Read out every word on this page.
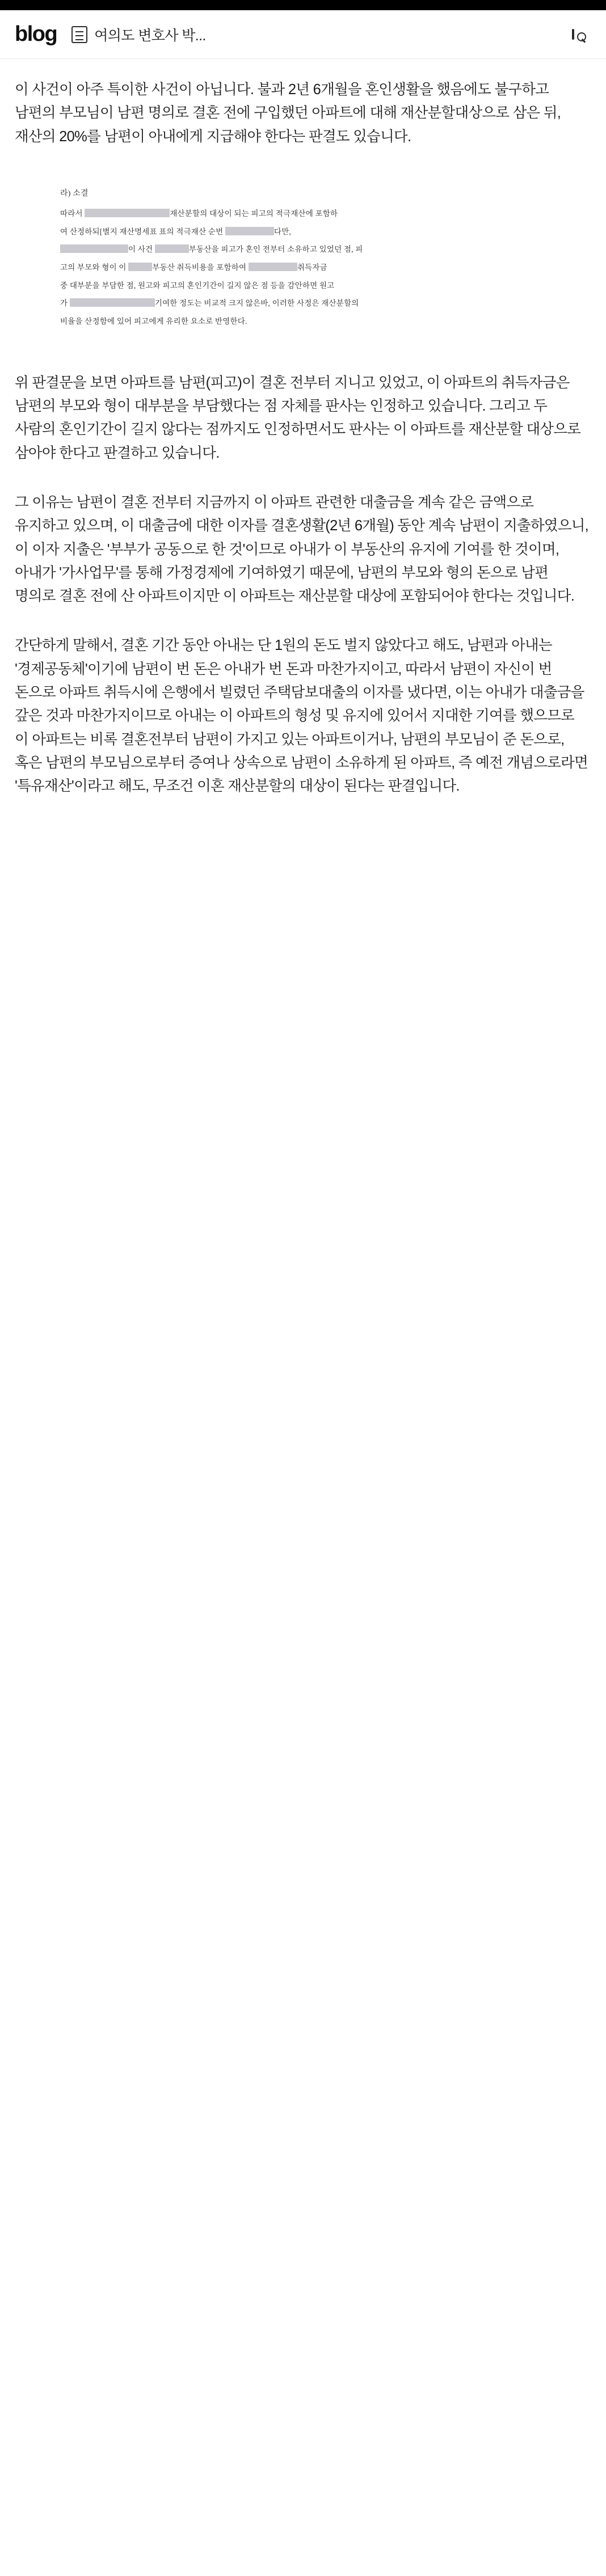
blog	여의도 변호사 박...

이 사건이 아주 특이한 사건이 아닙니다. 불과 2년 6개월을 혼인생활을 했음에도 불구하고 남편의 부모님이 남편 명의로 결혼 전에 구입했던 아파트에 대해 재산분할대상으로 삼은 뒤, 재산의 20%를 남편이 아내에게 지급해야 한다는 판결도 있습니다.

라) 소결
따라서	재산분할의 대상이 되는 피고의 적극재산에 포함하
여 산정하되[별지 재산명세표 표의 적극재산 순번	다만,
이 사건	부동산을 피고가 혼인 전부터 소유하고 있었던 점, 피
고의 부모와 형이 이	부동산 취득비용을 포함하여	취득자금
중 대부분을 부담한 점, 원고와 피고의 혼인기간이 길지 않은 점 등을 감안하면 원고
가	기여한 정도는 비교적 크지 않은바, 이러한 사정은 재산분할의
비율을 산정함에 있어 피고에게 유리한 요소로 반영한다.

위 판결문을 보면 아파트를 남편(피고)이 결혼 전부터 지니고 있었고, 이 아파트의 취득자금은 남편의 부모와 형이 대부분을 부담했다는 점 자체를 판사는 인정하고 있습니다. 그리고 두 사람의 혼인기간이 길지 않다는 점까지도 인정하면서도 판사는 이 아파트를 재산분할 대상으로 삼아야 한다고 판결하고 있습니다.

그 이유는 남편이 결혼 전부터 지금까지 이 아파트 관련한 대출금을 계속 같은 금액으로 유지하고 있으며, 이 대출금에 대한 이자를 결혼생활(2년 6개월) 동안 계속 남편이 지출하였으니, 이 이자 지출은 '부부가 공동으로 한 것'이므로 아내가 이 부동산의 유지에 기여를 한 것이며, 아내가 '가사업무'를 통해 가정경제에 기여하였기 때문에, 남편의 부모와 형의 돈으로 남편 명의로 결혼 전에 산 아파트이지만 이 아파트는 재산분할 대상에 포함되어야 한다는 것입니다.

간단하게 말해서, 결혼 기간 동안 아내는 단 1원의 돈도 벌지 않았다고 해도, 남편과 아내는 '경제공동체'이기에 남편이 번 돈은 아내가 번 돈과 마찬가지이고, 따라서 남편이 자신이 번 돈으로 아파트 취득시에 은행에서 빌렸던 주택담보대출의 이자를 냈다면, 이는 아내가 대출금을 갚은 것과 마찬가지이므로 아내는 이 아파트의 형성 및 유지에 있어서 지대한 기여를 했으므로 이 아파트는 비록 결혼전부터 남편이 가지고 있는 아파트이거나, 남편의 부모님이 준 돈으로, 혹은 남편의 부모님으로부터 증여나 상속으로 남편이 소유하게 된 아파트, 즉 예전 개념으로라면 '특유재산'이라고 해도, 무조건 이혼 재산분할의 대상이 된다는 판결입니다.
